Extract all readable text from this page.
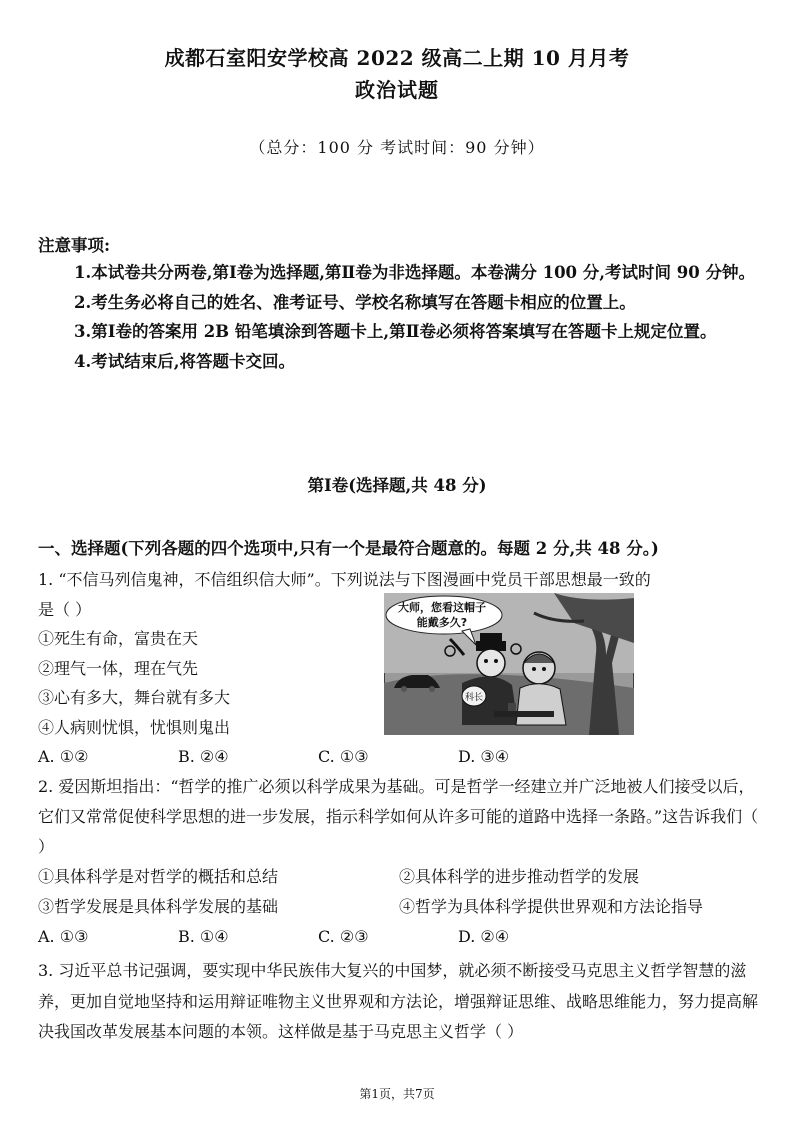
成都石室阳安学校高 2022 级高二上期 10 月月考
政治试题
（总分：100 分 考试时间：90 分钟）
注意事项:
1.本试卷共分两卷,第Ⅰ卷为选择题,第Ⅱ卷为非选择题。本卷满分 100 分,考试时间 90 分钟。
2.考生务必将自己的姓名、准考证号、学校名称填写在答题卡相应的位置上。
3.第Ⅰ卷的答案用 2B 铅笔填涂到答题卡上,第Ⅱ卷必须将答案填写在答题卡上规定位置。
4.考试结束后,将答题卡交回。
第Ⅰ卷(选择题,共 48 分)
一、选择题(下列各题的四个选项中,只有一个是最符合题意的。每题 2 分,共 48 分。)
1. “不信马列信鬼神，不信组织信大师”。下列说法与下图漫画中党员干部思想最一致的
是（ ）
①死生有命，富贵在天
②理气一体，理在气先
③心有多大，舞台就有多大
④人病则忧惧，忧惧则鬼出
A. ①②	B. ②④	C. ①③	D. ③④
大师，您看这帽子
能戴多久?
科长
2. 爱因斯坦指出：“哲学的推广必须以科学成果为基础。可是哲学一经建立并广泛地被人们接受以后，它们又常常促使科学思想的进一步发展，指示科学如何从许多可能的道路中选择一条路。”这告诉我们（ ）
①具体科学是对哲学的概括和总结	②具体科学的进步推动哲学的发展
③哲学发展是具体科学发展的基础	④哲学为具体科学提供世界观和方法论指导
A. ①③	B. ①④	C. ②③	D. ②④
3. 习近平总书记强调，要实现中华民族伟大复兴的中国梦，就必须不断接受马克思主义哲学智慧的滋养，更加自觉地坚持和运用辩证唯物主义世界观和方法论，增强辩证思维、战略思维能力，努力提高解决我国改革发展基本问题的本领。这样做是基于马克思主义哲学（ ）
第1页，共7页
